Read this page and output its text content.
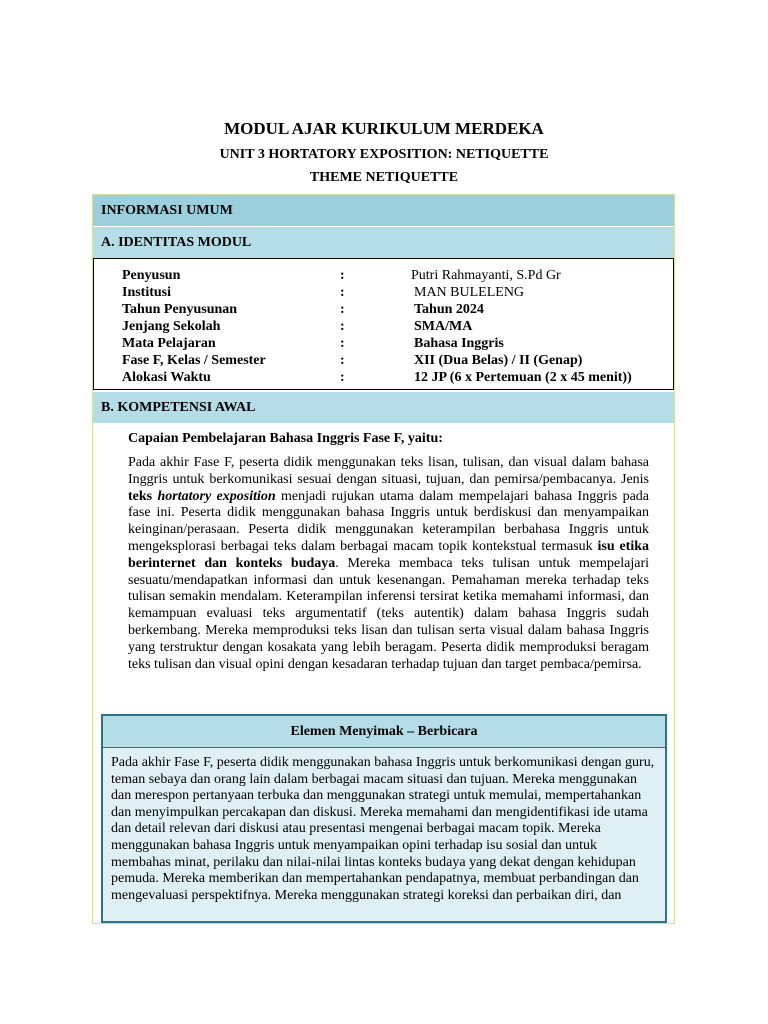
MODUL AJAR KURIKULUM MERDEKA
UNIT 3 HORTATORY EXPOSITION: NETIQUETTE
THEME NETIQUETTE
INFORMASI UMUM
A. IDENTITAS MODUL
Penyusun	:	Putri Rahmayanti, S.Pd Gr
Institusi	:	MAN BULELENG
Tahun Penyusunan	:	Tahun 2024
Jenjang Sekolah	:	SMA/MA
Mata Pelajaran	:	Bahasa Inggris
Fase F, Kelas / Semester	:	XII (Dua Belas) / II (Genap)
Alokasi Waktu	:	12 JP (6 x Pertemuan (2 x 45 menit))
B. KOMPETENSI AWAL
Capaian Pembelajaran Bahasa Inggris Fase F, yaitu:
Pada akhir Fase F, peserta didik menggunakan teks lisan, tulisan, dan visual dalam bahasa Inggris untuk berkomunikasi sesuai dengan situasi, tujuan, dan pemirsa/pembacanya. Jenis teks hortatory exposition menjadi rujukan utama dalam mempelajari bahasa Inggris pada fase ini. Peserta didik menggunakan bahasa Inggris untuk berdiskusi dan menyampaikan keinginan/perasaan. Peserta didik menggunakan keterampilan berbahasa Inggris untuk mengeksplorasi berbagai teks dalam berbagai macam topik kontekstual termasuk isu etika berinternet dan konteks budaya. Mereka membaca teks tulisan untuk mempelajari sesuatu/mendapatkan informasi dan untuk kesenangan. Pemahaman mereka terhadap teks tulisan semakin mendalam. Keterampilan inferensi tersirat ketika memahami informasi, dan kemampuan evaluasi teks argumentatif (teks autentik) dalam bahasa Inggris sudah berkembang. Mereka memproduksi teks lisan dan tulisan serta visual dalam bahasa Inggris yang terstruktur dengan kosakata yang lebih beragam. Peserta didik memproduksi beragam teks tulisan dan visual opini dengan kesadaran terhadap tujuan dan target pembaca/pemirsa.
Elemen Menyimak – Berbicara
Pada akhir Fase F, peserta didik menggunakan bahasa Inggris untuk berkomunikasi dengan guru, teman sebaya dan orang lain dalam berbagai macam situasi dan tujuan. Mereka menggunakan dan merespon pertanyaan terbuka dan menggunakan strategi untuk memulai, mempertahankan dan menyimpulkan percakapan dan diskusi. Mereka memahami dan mengidentifikasi ide utama dan detail relevan dari diskusi atau presentasi mengenai berbagai macam topik. Mereka menggunakan bahasa Inggris untuk menyampaikan opini terhadap isu sosial dan untuk membahas minat, perilaku dan nilai-nilai lintas konteks budaya yang dekat dengan kehidupan pemuda. Mereka memberikan dan mempertahankan pendapatnya, membuat perbandingan dan mengevaluasi perspektifnya. Mereka menggunakan strategi koreksi dan perbaikan diri, dan
